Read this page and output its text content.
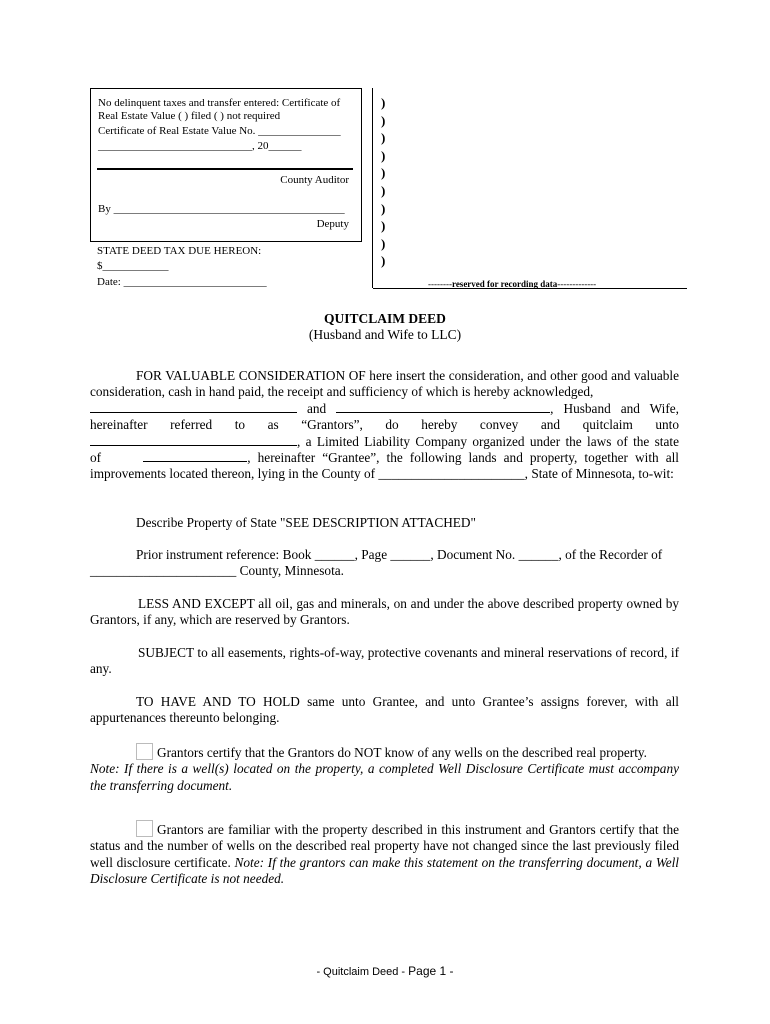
No delinquent taxes and transfer entered: Certificate of
Real Estate Value ( ) filed ( ) not required
Certificate of Real Estate Value No. _______________
____________________________, 20______
County Auditor
By __________________________________________
Deputy
STATE DEED TAX DUE HEREON:
$____________
Date: __________________________
)
)
)
)
)
)
)
)
)
)
--------reserved for recording data-------------
QUITCLAIM DEED
(Husband and Wife to LLC)

FOR VALUABLE CONSIDERATION OF here insert the consideration, and other good and valuable consideration, cash in hand paid, the receipt and sufficiency of which is hereby acknowledged,

and	, Husband and Wife,

hereinafter referred to as “Grantors”, do hereby convey and quitclaim unto

, a Limited Liability Company organized under the laws of the state

of	, hereinafter “Grantee”, the following lands and property, together with all improvements located thereon, lying in the County of ______________________, State of Minnesota, to-wit:

Describe Property of State "SEE DESCRIPTION ATTACHED"

Prior instrument reference: Book ______, Page ______, Document No. ______, of the Recorder of

______________________ County, Minnesota.

LESS AND EXCEPT all oil, gas and minerals, on and under the above described property owned by Grantors, if any, which are reserved by Grantors.
SUBJECT to all easements, rights-of-way, protective covenants and mineral reservations of record, if any.
TO HAVE AND TO HOLD same unto Grantee, and unto Grantee’s assigns forever, with all appurtenances thereunto belonging.

Grantors certify that the Grantors do NOT know of any wells on the described real property.

Note: If there is a well(s) located on the property, a completed Well Disclosure Certificate must accompany the transferring document.

Grantors are familiar with the property described in this instrument and Grantors certify that the status and the number of wells on the described real property have not changed since the last previously filed well disclosure certificate. Note: If the grantors can make this statement on the transferring document, a Well Disclosure Certificate is not needed.

- Quitclaim Deed - Page 1 -
